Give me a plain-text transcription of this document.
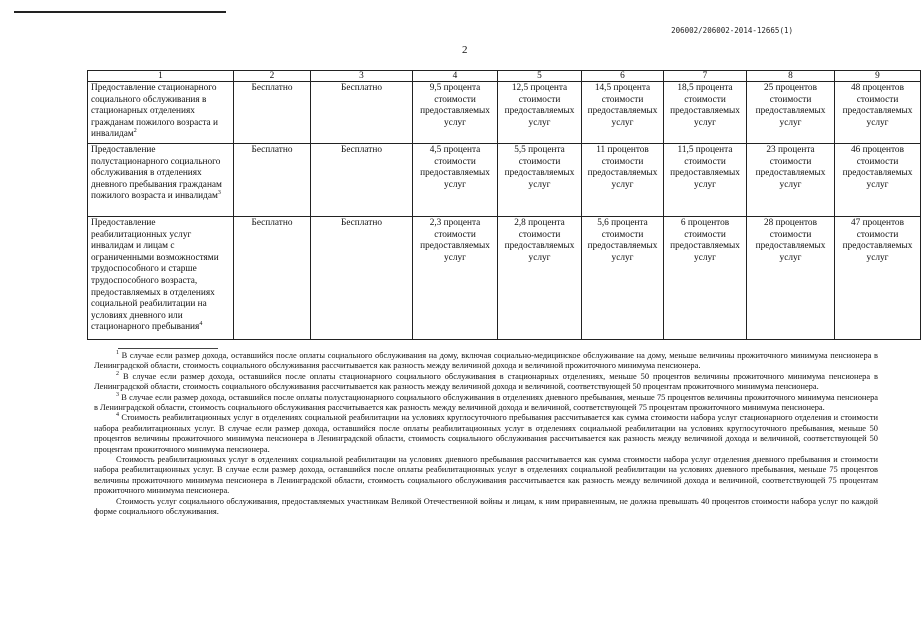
206002/206002-2014-12665(1)
2
1	2	3	4	5	6	7	8	9
Предоставление стационарного социального обслуживания в стационарных отделениях гражданам пожилого возраста и инвалидам$^2$	Бесплатно	Бесплатно	9,5 процента стоимости предоставляемых услуг	12,5 процента стоимости предоставляемых услуг	14,5 процента стоимости предоставляемых услуг	18,5 процента стоимости предоставляемых услуг	25 процентов стоимости предоставляемых услуг	48 процентов стоимости предоставляемых услуг
Предоставление полустационарного социального обслуживания в отделениях дневного пребывания гражданам пожилого возраста и инвалидам$^3$	Бесплатно	Бесплатно	4,5 процента стоимости предоставляемых услуг	5,5 процента стоимости предоставляемых услуг	11 процентов стоимости предоставляемых услуг	11,5 процента стоимости предоставляемых услуг	23 процента стоимости предоставляемых услуг	46 процентов стоимости предоставляемых услуг
Предоставление реабилитационных услуг инвалидам и лицам с ограниченными возможностями трудоспособного и старше трудоспособного возраста, предоставляемых в отделениях социальной реабилитации на условиях дневного или стационарного пребывания$^4$	Бесплатно	Бесплатно	2,3 процента стоимости предоставляемых услуг	2,8 процента стоимости предоставляемых услуг	5,6 процента стоимости предоставляемых услуг	6 процентов стоимости предоставляемых услуг	28 процентов стоимости предоставляемых услуг	47 процентов стоимости предоставляемых услуг

$^1$ В случае если размер дохода, оставшийся после оплаты социального обслуживания на дому, включая социально-медицинское обслуживание на дому, меньше величины прожиточного минимума пенсионера в Ленинградской области, стоимость социального обслуживания рассчитывается как разность между величиной дохода и величиной прожиточного минимума пенсионера.

$^2$ В случае если размер дохода, оставшийся после оплаты стационарного социального обслуживания в стационарных отделениях, меньше 50 процентов величины прожиточного минимума пенсионера в Ленинградской области, стоимость социального обслуживания рассчитывается как разность между величиной дохода и величиной, соответствующей 50 процентам прожиточного минимума пенсионера.

$^3$ В случае если размер дохода, оставшийся после оплаты полустационарного социального обслуживания в отделениях дневного пребывания, меньше 75 процентов величины прожиточного минимума пенсионера в Ленинградской области, стоимость социального обслуживания рассчитывается как разность между величиной дохода и величиной, соответствующей 75 процентам прожиточного минимума пенсионера.

$^4$ Стоимость реабилитационных услуг в отделениях социальной реабилитации на условиях круглосуточного пребывания рассчитывается как сумма стоимости набора услуг стационарного отделения и стоимости набора реабилитационных услуг. В случае если размер дохода, оставшийся после оплаты реабилитационных услуг в отделениях социальной реабилитации на условиях круглосуточного пребывания, меньше 50 процентов величины прожиточного минимума пенсионера в Ленинградской области, стоимость социального обслуживания рассчитывается как разность между величиной дохода и величиной, соответствующей 50 процентам прожиточного минимума пенсионера.

Стоимость реабилитационных услуг в отделениях социальной реабилитации на условиях дневного пребывания рассчитывается как сумма стоимости набора услуг отделения дневного пребывания и стоимости набора реабилитационных услуг. В случае если размер дохода, оставшийся после оплаты реабилитационных услуг в отделениях социальной реабилитации на условиях дневного пребывания, меньше 75 процентов величины прожиточного минимума пенсионера в Ленинградской области, стоимость социального обслуживания рассчитывается как разность между величиной дохода и величиной, соответствующей 75 процентам прожиточного минимума пенсионера.

Стоимость услуг социального обслуживания, предоставляемых участникам Великой Отечественной войны и лицам, к ним приравненным, не должна превышать 40 процентов стоимости набора услуг по каждой форме социального обслуживания.
